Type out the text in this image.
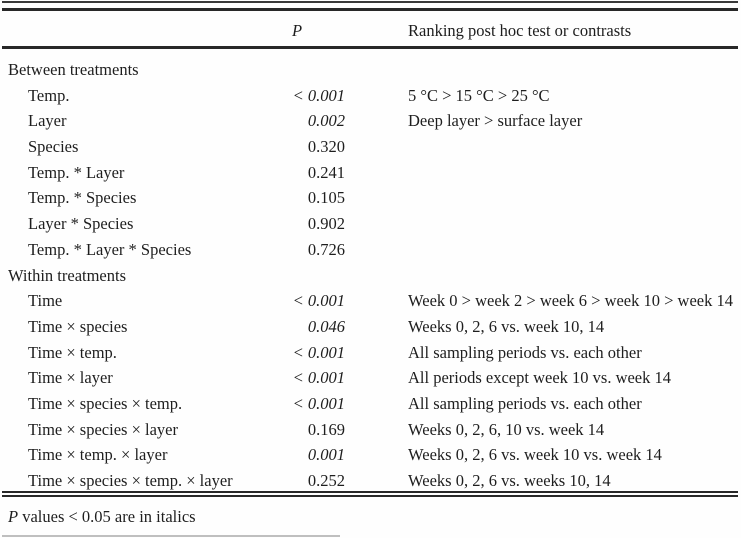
P	Ranking post hoc test or contrasts
Between treatments
Temp.	< 0.001	5 °C > 15 °C > 25 °C
Layer	0.002	Deep layer > surface layer
Species	0.320
Temp. * Layer	0.241
Temp. * Species	0.105
Layer * Species	0.902
Temp. * Layer * Species	0.726
Within treatments
Time	< 0.001	Week 0 > week 2 > week 6 > week 10 > week 14
Time × species	0.046	Weeks 0, 2, 6 vs. week 10, 14
Time × temp.	< 0.001	All sampling periods vs. each other
Time × layer	< 0.001	All periods except week 10 vs. week 14
Time × species × temp.	< 0.001	All sampling periods vs. each other
Time × species × layer	0.169	Weeks 0, 2, 6, 10 vs. week 14
Time × temp. × layer	0.001	Weeks 0, 2, 6 vs. week 10 vs. week 14
Time × species × temp. × layer	0.252	Weeks 0, 2, 6 vs. weeks 10, 14
P values < 0.05 are in italics
